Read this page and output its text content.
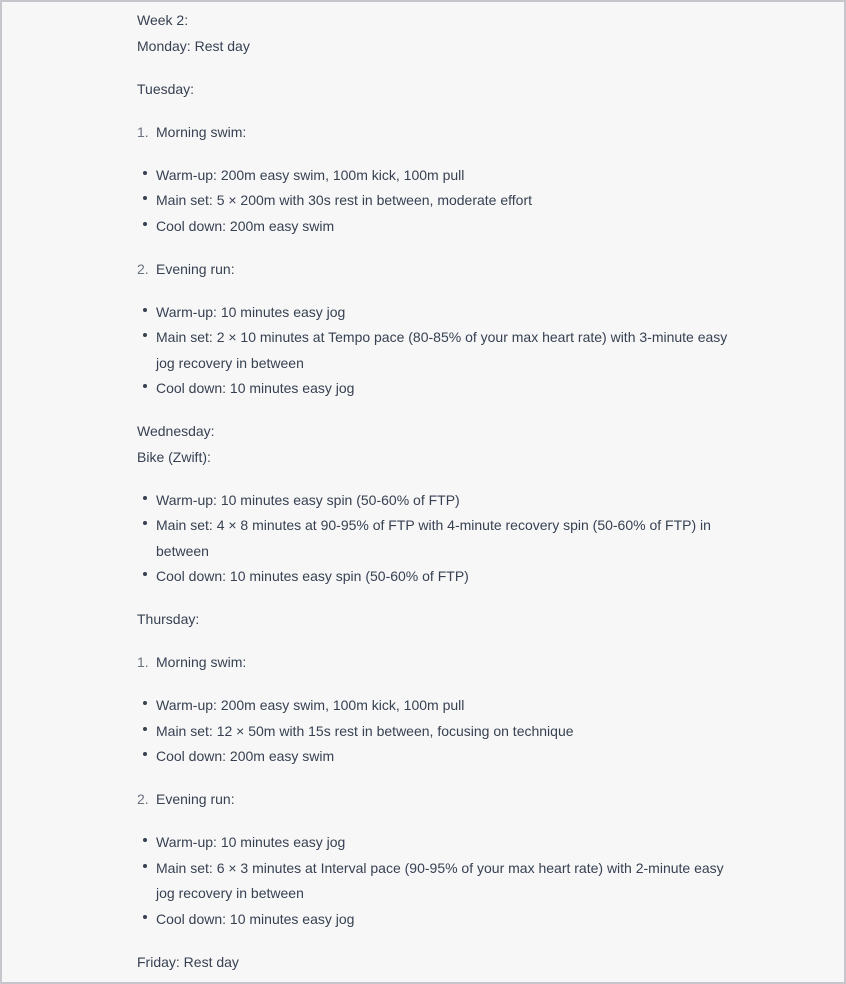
Week 2:
Monday: Rest day
Tuesday:
1. Morning swim:
Warm-up: 200m easy swim, 100m kick, 100m pull
Main set: 5 × 200m with 30s rest in between, moderate effort
Cool down: 200m easy swim
2. Evening run:
Warm-up: 10 minutes easy jog
Main set: 2 × 10 minutes at Tempo pace (80-85% of your max heart rate) with 3-minute easy jog recovery in between
Cool down: 10 minutes easy jog
Wednesday:
Bike (Zwift):
Warm-up: 10 minutes easy spin (50-60% of FTP)
Main set: 4 × 8 minutes at 90-95% of FTP with 4-minute recovery spin (50-60% of FTP) in between
Cool down: 10 minutes easy spin (50-60% of FTP)
Thursday:
1. Morning swim:
Warm-up: 200m easy swim, 100m kick, 100m pull
Main set: 12 × 50m with 15s rest in between, focusing on technique
Cool down: 200m easy swim
2. Evening run:
Warm-up: 10 minutes easy jog
Main set: 6 × 3 minutes at Interval pace (90-95% of your max heart rate) with 2-minute easy jog recovery in between
Cool down: 10 minutes easy jog
Friday: Rest day
